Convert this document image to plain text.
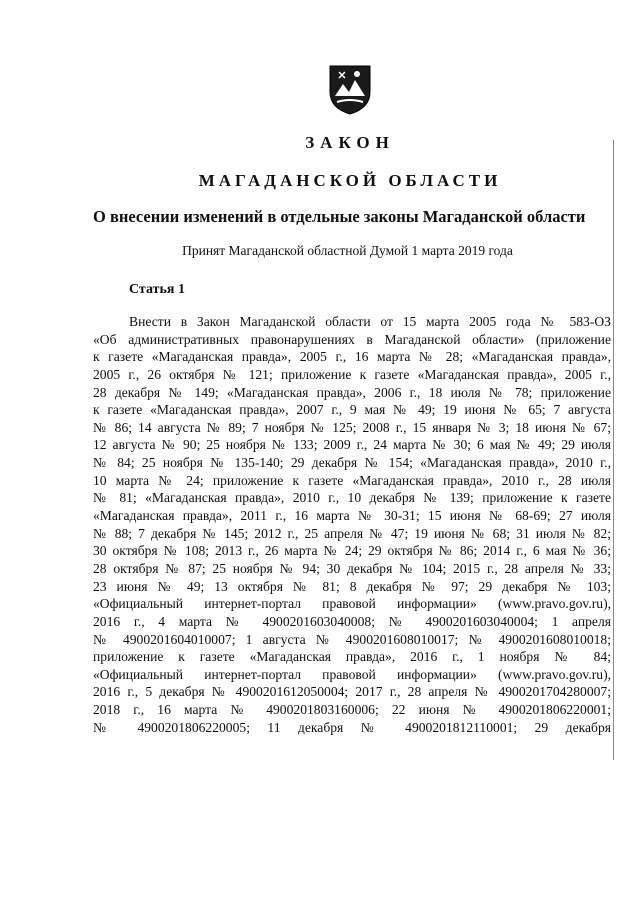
ЗАКОН
МАГАДАНСКОЙ ОБЛАСТИ
О внесении изменений в отдельные законы Магаданской области
Принят Магаданской областной Думой 1 марта 2019 года
Статья 1
Внести в Закон Магаданской области от 15 марта 2005 года № 583-ОЗ
«Об административных правонарушениях в Магаданской области» (приложение
к газете «Магаданская правда», 2005 г., 16 марта № 28; «Магаданская правда»,
2005 г., 26 октября № 121; приложение к газете «Магаданская правда», 2005 г.,
28 декабря № 149; «Магаданская правда», 2006 г., 18 июля № 78; приложение
к газете «Магаданская правда», 2007 г., 9 мая № 49; 19 июня № 65; 7 августа
№ 86; 14 августа № 89; 7 ноября № 125; 2008 г., 15 января № 3; 18 июня № 67;
12 августа № 90; 25 ноября № 133; 2009 г., 24 марта № 30; 6 мая № 49; 29 июля
№ 84; 25 ноября № 135-140; 29 декабря № 154; «Магаданская правда», 2010 г.,
10 марта № 24; приложение к газете «Магаданская правда», 2010 г., 28 июля
№ 81; «Магаданская правда», 2010 г., 10 декабря № 139; приложение к газете
«Магаданская правда», 2011 г., 16 марта № 30-31; 15 июня № 68-69; 27 июля
№ 88; 7 декабря № 145; 2012 г., 25 апреля № 47; 19 июня № 68; 31 июля № 82;
30 октября № 108; 2013 г., 26 марта № 24; 29 октября № 86; 2014 г., 6 мая № 36;
28 октября № 87; 25 ноября № 94; 30 декабря № 104; 2015 г., 28 апреля № 33;
23 июня № 49; 13 октября № 81; 8 декабря № 97; 29 декабря № 103;
«Официальный интернет-портал правовой информации» (www.pravo.gov.ru),
2016 г., 4 марта № 4900201603040008; № 4900201603040004; 1 апреля
№ 4900201604010007; 1 августа № 4900201608010017; № 4900201608010018;
приложение к газете «Магаданская правда», 2016 г., 1 ноября № 84;
«Официальный интернет-портал правовой информации» (www.pravo.gov.ru),
2016 г., 5 декабря № 4900201612050004; 2017 г., 28 апреля № 4900201704280007;
2018 г., 16 марта № 4900201803160006; 22 июня № 4900201806220001;
№ 4900201806220005; 11 декабря № 4900201812110001; 29 декабря
